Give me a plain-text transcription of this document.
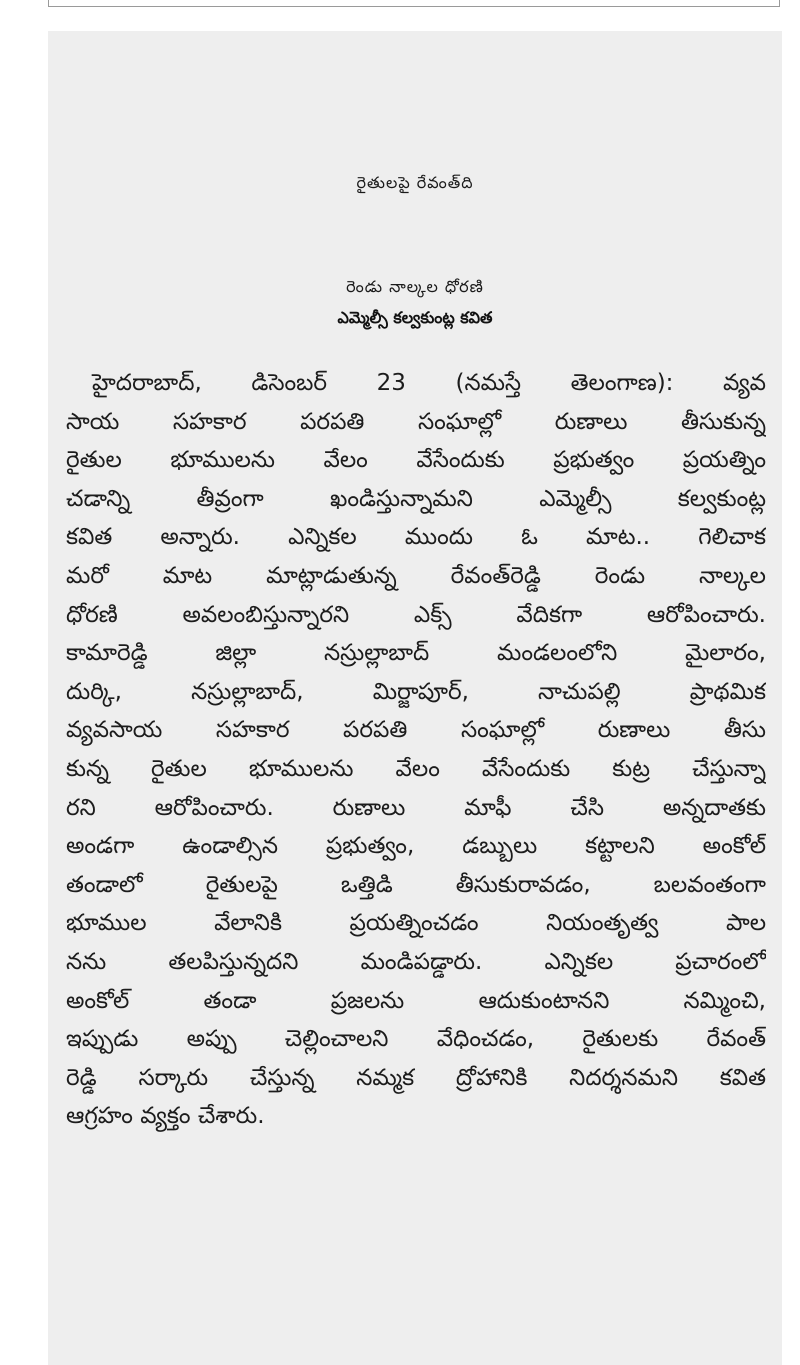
రైతులపై రేవంత్‌ది
రెండు నాల్కల ధోరణి
ఎమ్మెల్సీ కల్వకుంట్ల కవిత
హైదరాబాద్‌, డిసెంబర్‌ 23 (నమస్తే తెలంగాణ): వ్యవ
సాయ సహకార పరపతి సంఘాల్లో రుణాలు తీసుకున్న
రైతుల భూములను వేలం వేసేందుకు ప్రభుత్వం ప్రయత్నిం
చడాన్ని తీవ్రంగా ఖండిస్తున్నామని ఎమ్మెల్సీ కల్వకుంట్ల
కవిత అన్నారు. ఎన్నికల ముందు ఓ మాట.. గెలిచాక
మరో మాట మాట్లాడుతున్న రేవంత్‌రెడ్డి రెండు నాల్కల
ధోరణి అవలంబిస్తున్నారని ఎక్స్‌ వేదికగా ఆరోపించారు.
కామారెడ్డి జిల్లా నస్రుల్లాబాద్‌ మండలంలోని మైలారం,
దుర్కి, నస్రుల్లాబాద్‌, మిర్జాపూర్‌, నాచుపల్లి ప్రాథమిక
వ్యవసాయ సహకార పరపతి సంఘాల్లో రుణాలు తీసు
కున్న రైతుల భూములను వేలం వేసేందుకు కుట్ర చేస్తున్నా
రని ఆరోపించారు. రుణాలు మాఫీ చేసి అన్నదాతకు
అండగా ఉండాల్సిన ప్రభుత్వం, డబ్బులు కట్టాలని అంకోల్‌
తండాలో రైతులపై ఒత్తిడి తీసుకురావడం, బలవంతంగా
భూముల వేలానికి ప్రయత్నించడం నియంతృత్వ పాల
నను తలపిస్తున్నదని మండిపడ్డారు. ఎన్నికల ప్రచారంలో
అంకోల్‌ తండా ప్రజలను ఆదుకుంటానని నమ్మించి,
ఇప్పుడు అప్పు చెల్లించాలని వేధించడం, రైతులకు రేవంత్‌
రెడ్డి సర్కారు చేస్తున్న నమ్మక ద్రోహానికి నిదర్శనమని కవిత
ఆగ్రహం వ్యక్తం చేశారు.
